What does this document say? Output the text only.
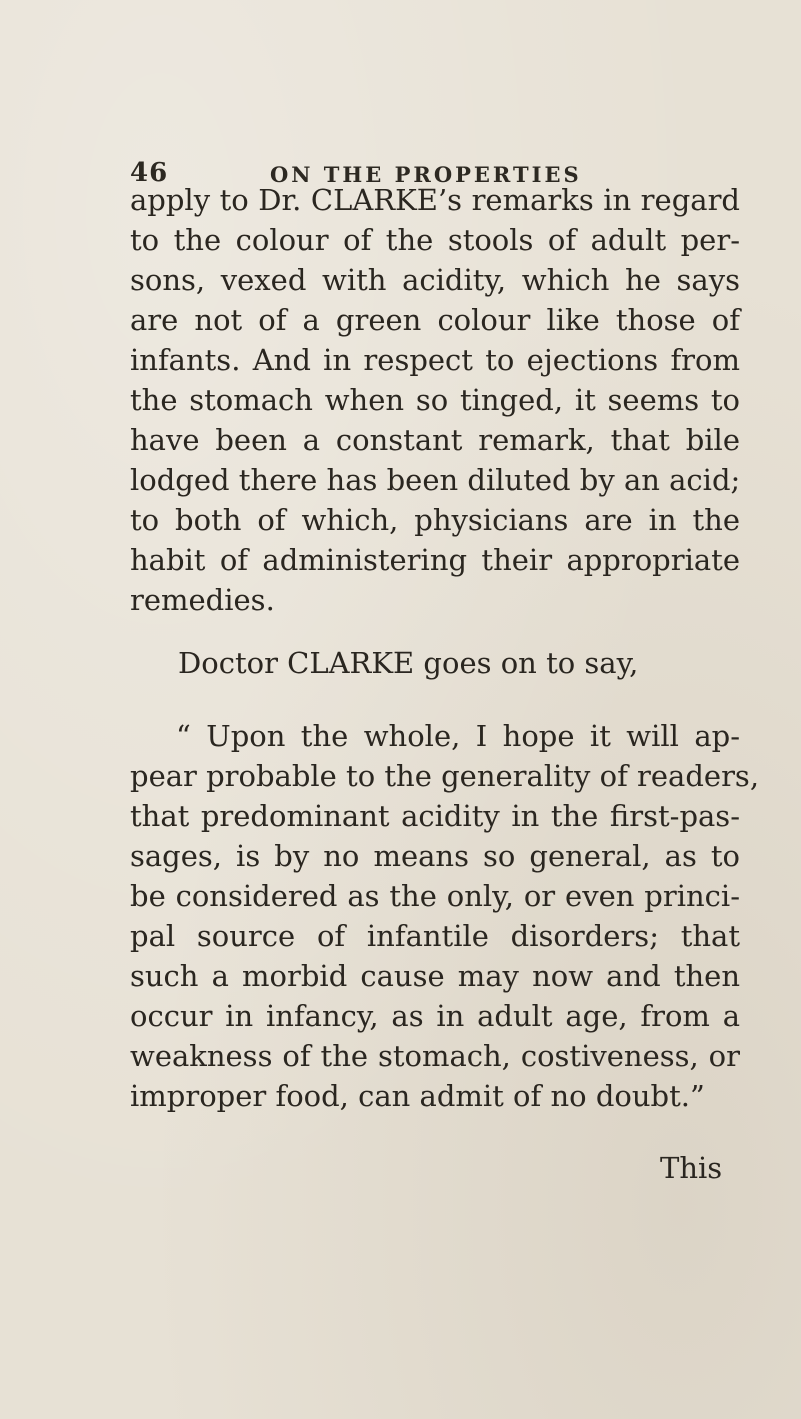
46	ON THE PROPERTIES
apply to Dr. CLARKE’s remarks in regard
to the colour of the stools of adult per-
sons, vexed with acidity, which he says
are not of a green colour like those of
infants. And in respect to ejections from
the stomach when so tinged, it seems to
have been a constant remark, that bile
lodged there has been diluted by an acid;
to both of which, physicians are in the
habit of administering their appropriate
remedies.
Doctor CLARKE goes on to say,
“ Upon the whole, I hope it will ap-
pear probable to the generality of readers,
that predominant acidity in the first-pas-
sages, is by no means so general, as to
be considered as the only, or even princi-
pal source of infantile disorders; that
such a morbid cause may now and then
occur in infancy, as in adult age, from a
weakness of the stomach, costiveness, or
improper food, can admit of no doubt.”
This
